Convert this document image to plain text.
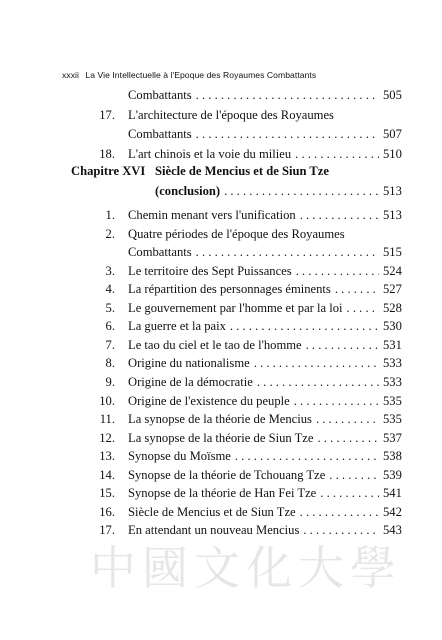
xxxii La Vie Intellectuelle à l'Epoque des Royaumes Combattants
Combattants . . .	505
17. L'architecture de l'époque des Royaumes
Combattants . . .	507
18. L'art chinois et la voie du milieu . . .	510
Chapitre XVI Siècle de Mencius et de Siun Tze
(conclusion) . . .	513
1. Chemin menant vers l'unification . . .	513
2. Quatre périodes de l'époque des Royaumes
Combattants . . .	515
3. Le territoire des Sept Puissances . . .	524
4. La répartition des personnages éminents . . .	527
5. Le gouvernement par l'homme et par la loi . . .	528
6. La guerre et la paix . . .	530
7. Le tao du ciel et le tao de l'homme . . .	531
8. Origine du nationalisme . . .	533
9. Origine de la démocratie . . .	533
10. Origine de l'existence du peuple . . .	535
11. La synopse de la théorie de Mencius . . .	535
12. La synopse de la théorie de Siun Tze . . .	537
13. Synopse du Moïsme . . .	538
14. Synopse de la théorie de Tchouang Tze . . .	539
15. Synopse de la théorie de Han Fei Tze . . .	541
16. Siècle de Mencius et de Siun Tze . . .	542
17. En attendant un nouveau Mencius . . .	543
中國文化大學
